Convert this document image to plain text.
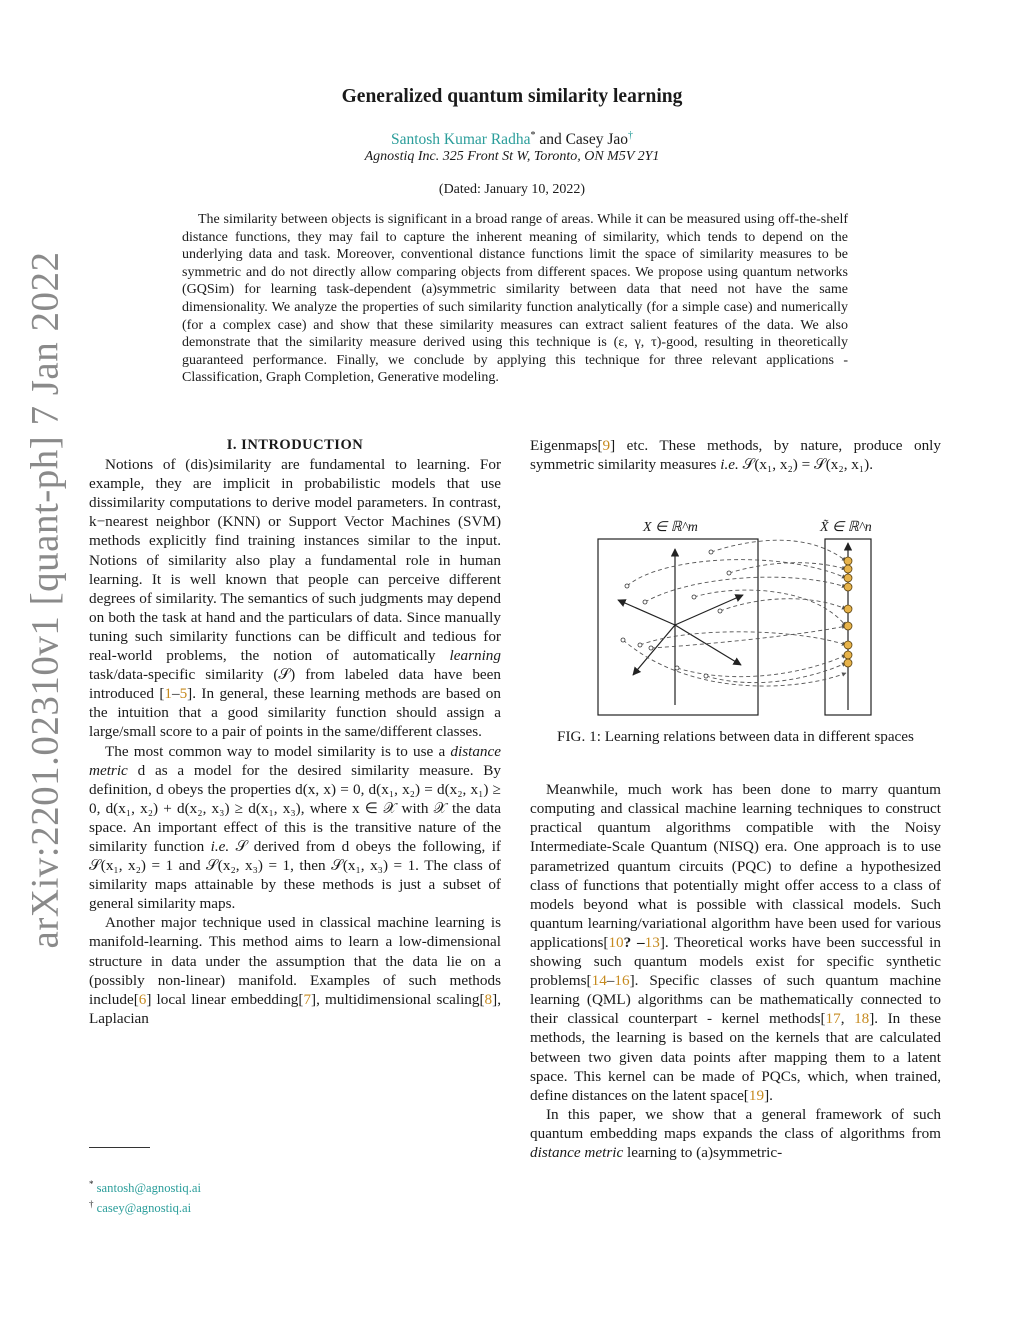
arXiv:2201.02310v1 [quant-ph] 7 Jan 2022
Generalized quantum similarity learning
Santosh Kumar Radha* and Casey Jao†
Agnostiq Inc. 325 Front St W, Toronto, ON M5V 2Y1
(Dated: January 10, 2022)
The similarity between objects is significant in a broad range of areas. While it can be measured using off-the-shelf distance functions, they may fail to capture the inherent meaning of similarity, which tends to depend on the underlying data and task. Moreover, conventional distance functions limit the space of similarity measures to be symmetric and do not directly allow comparing objects from different spaces. We propose using quantum networks (GQSim) for learning task-dependent (a)symmetric similarity between data that need not have the same dimensionality. We analyze the properties of such similarity function analytically (for a simple case) and numerically (for a complex case) and show that these similarity measures can extract salient features of the data. We also demonstrate that the similarity measure derived using this technique is (ε, γ, τ)-good, resulting in theoretically guaranteed performance. Finally, we conclude by applying this technique for three relevant applications - Classification, Graph Completion, Generative modeling.

I. INTRODUCTION

Notions of (dis)similarity are fundamental to learning. For example, they are implicit in probabilistic models that use dissimilarity computations to derive model parameters. In contrast, k−nearest neighbor (KNN) or Support Vector Machines (SVM) methods explicitly find training instances similar to the input. Notions of similarity also play a fundamental role in human learning. It is well known that people can perceive different degrees of similarity. The semantics of such judgments may depend on both the task at hand and the particulars of data. Since manually tuning such similarity functions can be difficult and tedious for real-world problems, the notion of automatically learning task/data-specific similarity (𝒮) from labeled data have been introduced [1–5]. In general, these learning methods are based on the intuition that a good similarity function should assign a large/small score to a pair of points in the same/different classes.

The most common way to model similarity is to use a distance metric d as a model for the desired similarity measure. By definition, d obeys the properties d(x, x) = 0, d(x₁, x₂) = d(x₂, x₁) ≥ 0, d(x₁, x₂) + d(x₂, x₃) ≥ d(x₁, x₃), where x ∈ 𝒳 with 𝒳 the data space. An important effect of this is the transitive nature of the similarity function i.e. 𝒮 derived from d obeys the following, if 𝒮(x₁, x₂) = 1 and 𝒮(x₂, x₃) = 1, then 𝒮(x₁, x₃) = 1. The class of similarity maps attainable by these methods is just a subset of general similarity maps.

Another major technique used in classical machine learning is manifold-learning. This method aims to learn a low-dimensional structure in data under the assumption that the data lie on a (possibly non-linear) manifold. Examples of such methods include[6] local linear embedding[7], multidimensional scaling[8], Laplacian

* santosh@agnostiq.ai
† casey@agnostiq.ai

Eigenmaps[9] etc. These methods, by nature, produce only symmetric similarity measures i.e. 𝒮(x₁, x₂) = 𝒮(x₂, x₁).

Meanwhile, much work has been done to marry quantum computing and classical machine learning techniques to construct practical quantum algorithms compatible with the Noisy Intermediate-Scale Quantum (NISQ) era. One approach is to use parametrized quantum circuits (PQC) to define a hypothesized class of functions that potentially might offer access to a class of models beyond what is possible with classical models. Such quantum learning/variational algorithm have been used for various applications[10? –13]. Theoretical works have been successful in showing such quantum models exist for specific synthetic problems[14–16]. Specific classes of such quantum machine learning (QML) algorithms can be mathematically connected to their classical counterpart - kernel methods[17, 18]. In these methods, the learning is based on the kernels that are calculated between two given data points after mapping them to a latent space. This kernel can be made of PQCs, which, when trained, define distances on the latent space[19].

In this paper, we show that a general framework of such quantum embedding maps expands the class of algorithms from distance metric learning to (a)symmetric-

X ∈ ℝ^m	X̃ ∈ ℝ^n
FIG. 1: Learning relations between data in different spaces
